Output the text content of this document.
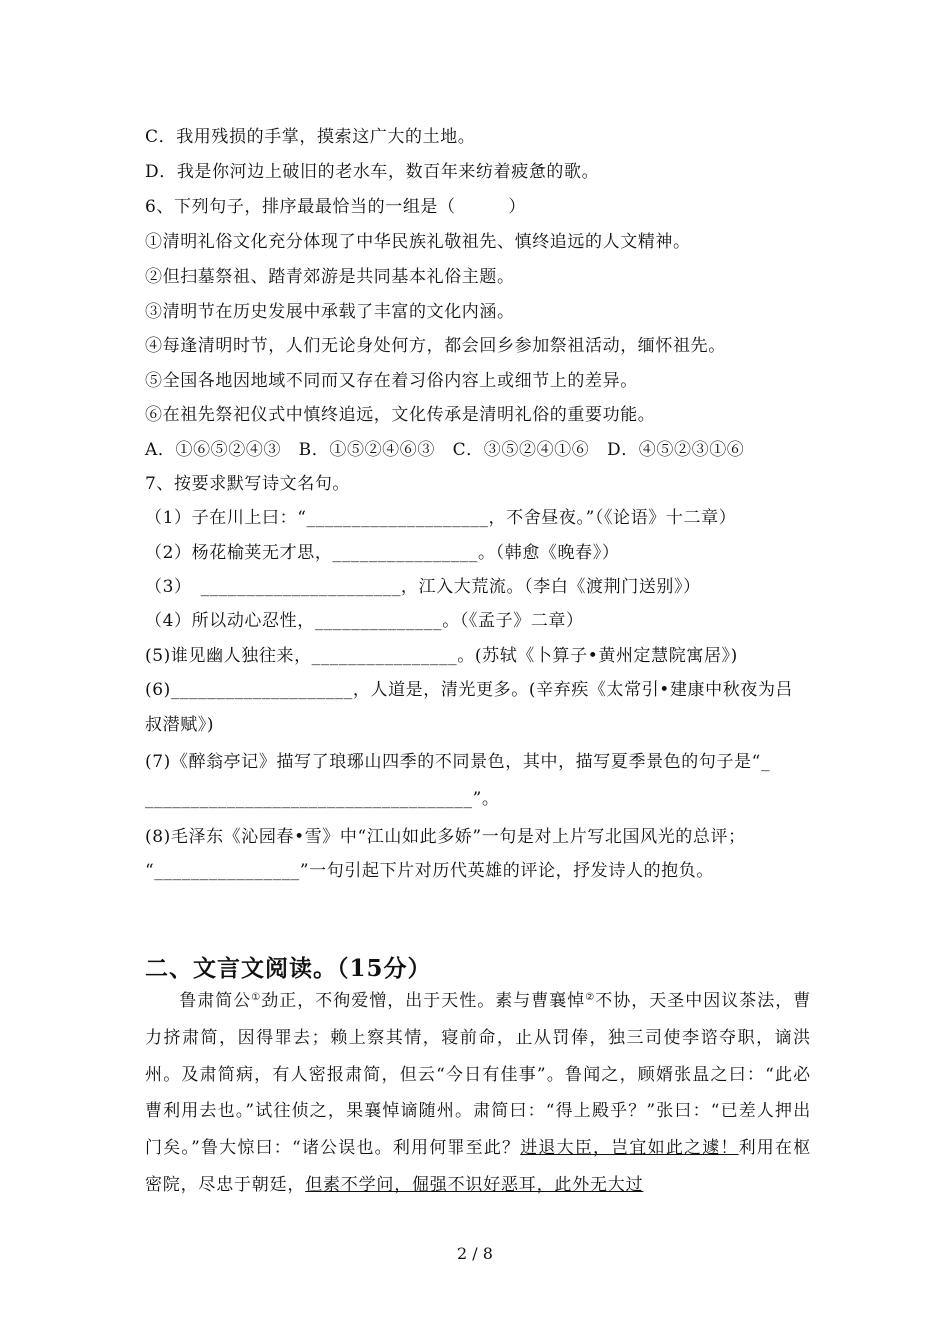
C．我用残损的手掌，摸索这广大的土地。
D．我是你河边上破旧的老水车，数百年来纺着疲惫的歌。
6、下列句子，排序最最恰当的一组是（　　　）
①清明礼俗文化充分体现了中华民族礼敬祖先、慎终追远的人文精神。
②但扫墓祭祖、踏青郊游是共同基本礼俗主题。
③清明节在历史发展中承载了丰富的文化内涵。
④每逢清明时节，人们无论身处何方，都会回乡参加祭祖活动，缅怀祖先。
⑤全国各地因地域不同而又存在着习俗内容上或细节上的差异。
⑥在祖先祭祀仪式中慎终追远，文化传承是清明礼俗的重要功能。
A．①⑥⑤②④③　B．①⑤②④⑥③　C．③⑤②④①⑥　D．④⑤②③①⑥
7、按要求默写诗文名句。
（1）子在川上曰：“____________________，不舍昼夜。”（《论语》十二章）
（2）杨花榆荚无才思，________________。（韩愈《晚春》）
（3）　______________________，江入大荒流。（李白《渡荆门送别》）
（4）所以动心忍性，______________。（《孟子》二章）
(5)谁见幽人独往来，________________。(苏轼《卜算子•黄州定慧院寓居》)
(6)____________________，人道是，清光更多。(辛弃疾《太常引•建康中秋夜为吕
叔潜赋》)
(7)《醉翁亭记》描写了琅琊山四季的不同景色，其中，描写夏季景色的句子是“_
____________________________________”。
(8)毛泽东《沁园春•雪》中“江山如此多娇”一句是对上片写北国风光的总评；
“________________”一句引起下片对历代英雄的评论，抒发诗人的抱负。
二、文言文阅读。（15分）
鲁肃简公①劲正，不徇爱憎，出于天性。素与曹襄悼②不协，天圣中因议茶法，曹力挤肃简，因得罪去；赖上察其情，寝前命，止从罚俸，独三司使李谘夺职，谪洪州。及肃简病，有人密报肃简，但云“今日有佳事”。鲁闻之，顾婿张昷之曰：“此必曹利用去也。”试往侦之，果襄悼谪随州。肃简曰：“得上殿乎？”张曰：“已差人押出门矣。”鲁大惊曰：“诸公误也。利用何罪至此？进退大臣，岂宜如此之遽！利用在枢密院，尽忠于朝廷，但素不学问，倔强不识好恶耳，此外无大过
2 / 8
